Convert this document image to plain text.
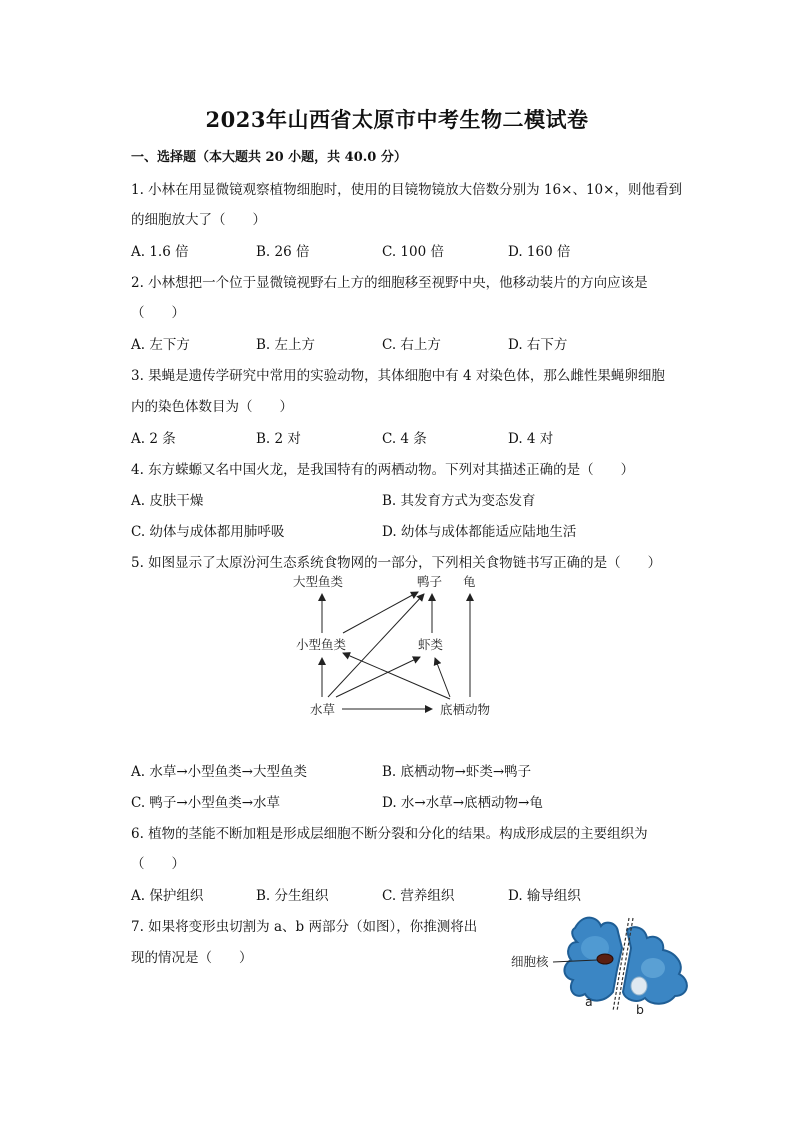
2023年山西省太原市中考生物二模试卷
一、选择题（本大题共 20 小题，共 40.0 分）
1. 小林在用显微镜观察植物细胞时，使用的目镜物镜放大倍数分别为 16×、10×，则他看到
的细胞放大了（　　）
A. 1.6 倍	B. 26 倍	C. 100 倍	D. 160 倍
2. 小林想把一个位于显微镜视野右上方的细胞移至视野中央，他移动装片的方向应该是
（　　）
A. 左下方	B. 左上方	C. 右上方	D. 右下方
3. 果蝇是遗传学研究中常用的实验动物，其体细胞中有 4 对染色体，那么雌性果蝇卵细胞
内的染色体数目为（　　）
A. 2 条	B. 2 对	C. 4 条	D. 4 对
4. 东方蝾螈又名中国火龙，是我国特有的两栖动物。下列对其描述正确的是（　　）
A. 皮肤干燥	B. 其发育方式为变态发育
C. 幼体与成体都用肺呼吸	D. 幼体与成体都能适应陆地生活
5. 如图显示了太原汾河生态系统食物网的一部分，下列相关食物链书写正确的是（　　）
大型鱼类	鸭子 龟
小型鱼类	虾类
水草	底栖动物
A. 水草→小型鱼类→大型鱼类	B. 底栖动物→虾类→鸭子
C. 鸭子→小型鱼类→水草	D. 水→水草→底栖动物→龟
6. 植物的茎能不断加粗是形成层细胞不断分裂和分化的结果。构成形成层的主要组织为
（　　）
A. 保护组织	B. 分生组织	C. 营养组织	D. 输导组织
7. 如果将变形虫切割为 a、b 两部分（如图），你推测将出
现的情况是（　　）	细胞核
a
b
